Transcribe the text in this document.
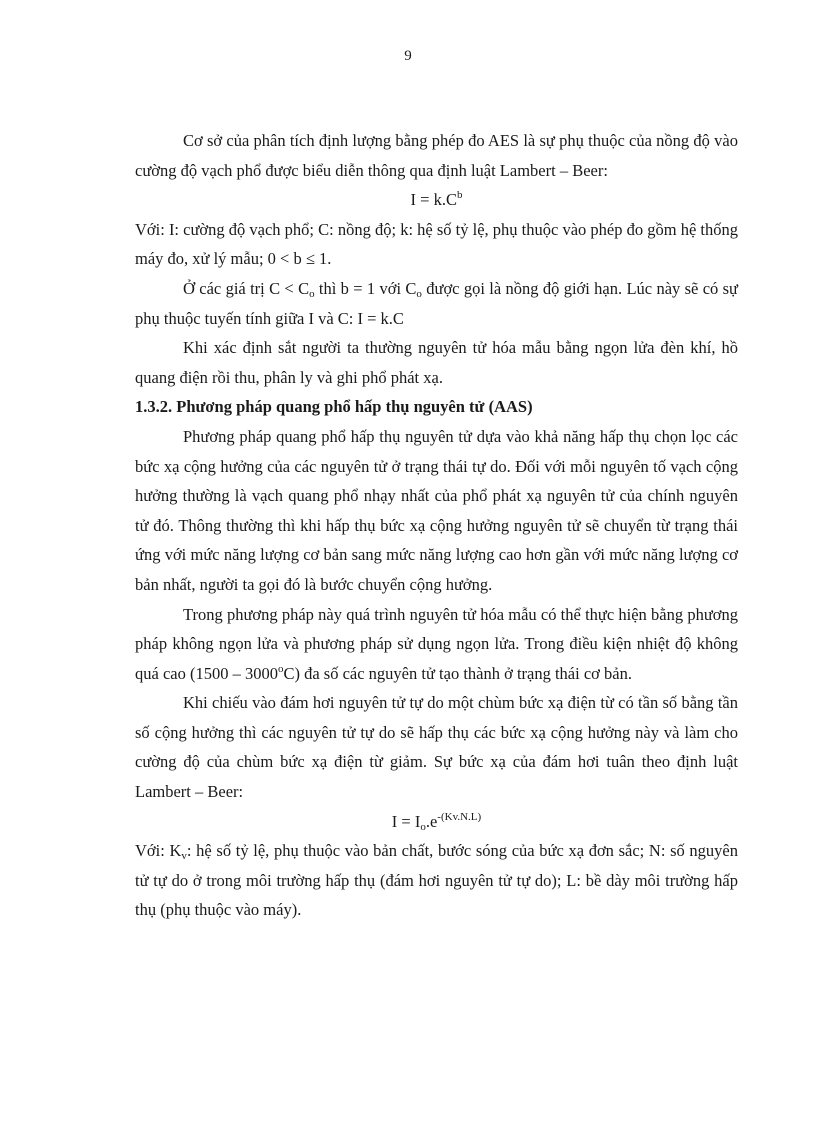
9

Cơ sở của phân tích định lượng bằng phép đo AES là sự phụ thuộc của nồng độ vào cường độ vạch phổ được biểu diễn thông qua định luật Lambert – Beer:

$I = k.C^b$

Với: I: cường độ vạch phổ; C: nồng độ; k: hệ số tỷ lệ, phụ thuộc vào phép đo gồm hệ thống máy đo, xử lý mẫu; 0 < b ≤ 1.

Ở các giá trị $C < C_o$ thì b = 1 với $C_o$ được gọi là nồng độ giới hạn. Lúc này sẽ có sự phụ thuộc tuyến tính giữa I và C: I = k.C

Khi xác định sắt người ta thường nguyên tử hóa mẫu bằng ngọn lửa đèn khí, hồ quang điện rồi thu, phân ly và ghi phổ phát xạ.

1.3.2. Phương pháp quang phổ hấp thụ nguyên tử (AAS)

Phương pháp quang phổ hấp thụ nguyên tử dựa vào khả năng hấp thụ chọn lọc các bức xạ cộng hưởng của các nguyên tử ở trạng thái tự do. Đối với mỗi nguyên tố vạch cộng hưởng thường là vạch quang phổ nhạy nhất của phổ phát xạ nguyên tử của chính nguyên tử đó. Thông thường thì khi hấp thụ bức xạ cộng hưởng nguyên tử sẽ chuyển từ trạng thái ứng với mức năng lượng cơ bản sang mức năng lượng cao hơn gần với mức năng lượng cơ bản nhất, người ta gọi đó là bước chuyển cộng hưởng.

Trong phương pháp này quá trình nguyên tử hóa mẫu có thể thực hiện bằng phương pháp không ngọn lửa và phương pháp sử dụng ngọn lửa. Trong điều kiện nhiệt độ không quá cao (1500 – 3000$^o$C) đa số các nguyên tử tạo thành ở trạng thái cơ bản.

Khi chiếu vào đám hơi nguyên tử tự do một chùm bức xạ điện từ có tần số bằng tần số cộng hưởng thì các nguyên tử tự do sẽ hấp thụ các bức xạ cộng hưởng này và làm cho cường độ của chùm bức xạ điện từ giảm. Sự bức xạ của đám hơi tuân theo định luật Lambert – Beer:

$I = I_o.e^{-(Kv.N.L)}$

Với: $K_v$: hệ số tỷ lệ, phụ thuộc vào bản chất, bước sóng của bức xạ đơn sắc; N: số nguyên tử tự do ở trong môi trường hấp thụ (đám hơi nguyên tử tự do); L: bề dày môi trường hấp thụ (phụ thuộc vào máy).
